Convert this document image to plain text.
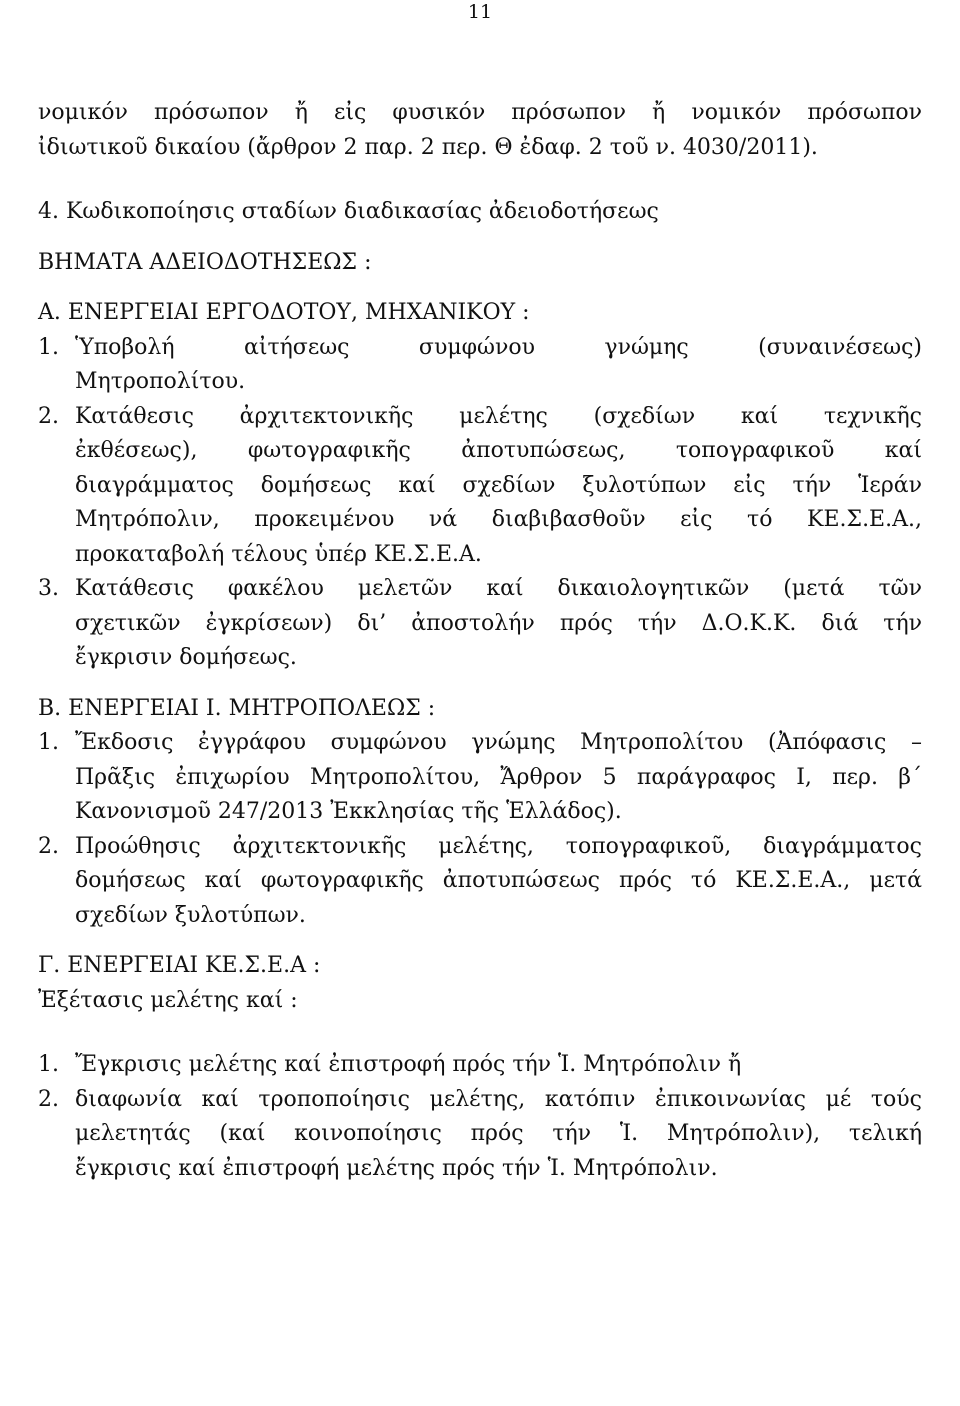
11

νομικόν πρόσωπον ἤ εἰς φυσικόν πρόσωπον ἤ νομικόν πρόσωπον

ἰδιωτικοῦ δικαίου (ἄρθρον 2 παρ. 2 περ. Θ ἐδαφ. 2 τοῦ ν. 4030/2011).

4. Κωδικοποίησις σταδίων διαδικασίας ἀδειοδοτήσεως

ΒΗΜΑΤΑ ΑΔΕΙΟΔΟΤΗΣΕΩΣ :

Α. ΕΝΕΡΓΕΙΑΙ ΕΡΓΟΔΟΤΟΥ, ΜΗΧΑΝΙΚΟΥ :

1. Ὑποβολή αἰτήσεως συμφώνου γνώμης (συναινέσεως)

Μητροπολίτου.

2. Κατάθεσις ἀρχιτεκτονικῆς μελέτης (σχεδίων καί τεχνικῆς

ἐκθέσεως), φωτογραφικῆς ἀποτυπώσεως, τοπογραφικοῦ καί

διαγράμματος δομήσεως καί σχεδίων ξυλοτύπων εἰς τήν Ἱεράν

Μητρόπολιν, προκειμένου νά διαβιβασθοῦν εἰς τό ΚΕ.Σ.Ε.Α.,

προκαταβολή τέλους ὑπέρ ΚΕ.Σ.Ε.Α.

3. Κατάθεσις φακέλου μελετῶν καί δικαιολογητικῶν (μετά τῶν

σχετικῶν ἐγκρίσεων) δι’ ἀποστολήν πρός τήν Δ.Ο.Κ.Κ. διά τήν

ἔγκρισιν δομήσεως.

Β. ΕΝΕΡΓΕΙΑΙ Ι. ΜΗΤΡΟΠΟΛΕΩΣ :

1. Ἔκδοσις ἐγγράφου συμφώνου γνώμης Μητροπολίτου (Ἀπόφασις –

Πρᾶξις ἐπιχωρίου Μητροπολίτου, Ἄρθρον 5 παράγραφος Ι, περ. β΄

Κανονισμοῦ 247/2013 Ἐκκλησίας τῆς Ἑλλάδος).

2. Προώθησις ἀρχιτεκτονικῆς μελέτης, τοπογραφικοῦ, διαγράμματος

δομήσεως καί φωτογραφικῆς ἀποτυπώσεως πρός τό ΚΕ.Σ.Ε.Α., μετά

σχεδίων ξυλοτύπων.

Γ. ΕΝΕΡΓΕΙΑΙ ΚΕ.Σ.Ε.Α :

Ἐξέτασις μελέτης καί :

1. Ἔγκρισις μελέτης καί ἐπιστροφή πρός τήν Ἱ. Μητρόπολιν ἤ

2. διαφωνία καί τροποποίησις μελέτης, κατόπιν ἐπικοινωνίας μέ τούς

μελετητάς (καί κοινοποίησις πρός τήν Ἱ. Μητρόπολιν), τελική

ἔγκρισις καί ἐπιστροφή μελέτης πρός τήν Ἱ. Μητρόπολιν.
